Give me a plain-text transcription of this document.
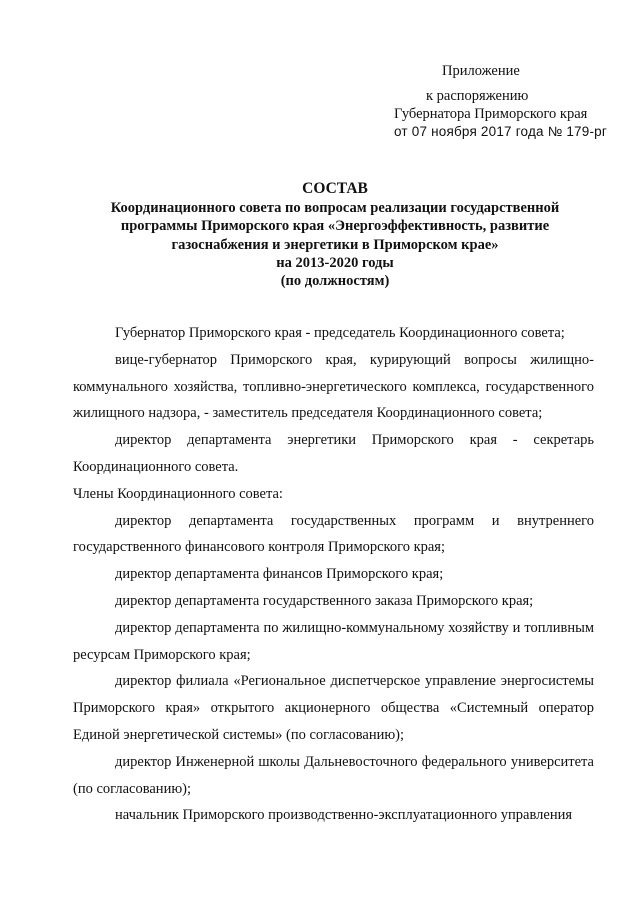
Приложение
к распоряжению
Губернатора Приморского края
от 07 ноября 2017 года № 179-рг
СОСТАВ
Координационного совета по вопросам реализации государственной
программы Приморского края «Энергоэффективность, развитие
газоснабжения и энергетики в Приморском крае»
на 2013-2020 годы
(по должностям)

Губернатор Приморского края - председатель Координационного совета;

вице-губернатор Приморского края, курирующий вопросы жилищно-коммунального хозяйства, топливно-энергетического комплекса, государственного жилищного надзора, - заместитель председателя Координационного совета;

директор департамента энергетики Приморского края - секретарь Координационного совета.

Члены Координационного совета:

директор департамента государственных программ и внутреннего государственного финансового контроля Приморского края;

директор департамента финансов Приморского края;

директор департамента государственного заказа Приморского края;

директор департамента по жилищно-коммунальному хозяйству и топливным ресурсам Приморского края;

директор филиала «Региональное диспетчерское управление энергосистемы Приморского края» открытого акционерного общества «Системный оператор Единой энергетической системы» (по согласованию);

директор Инженерной школы Дальневосточного федерального университета (по согласованию);

начальник Приморского производственно-эксплуатационного управления
